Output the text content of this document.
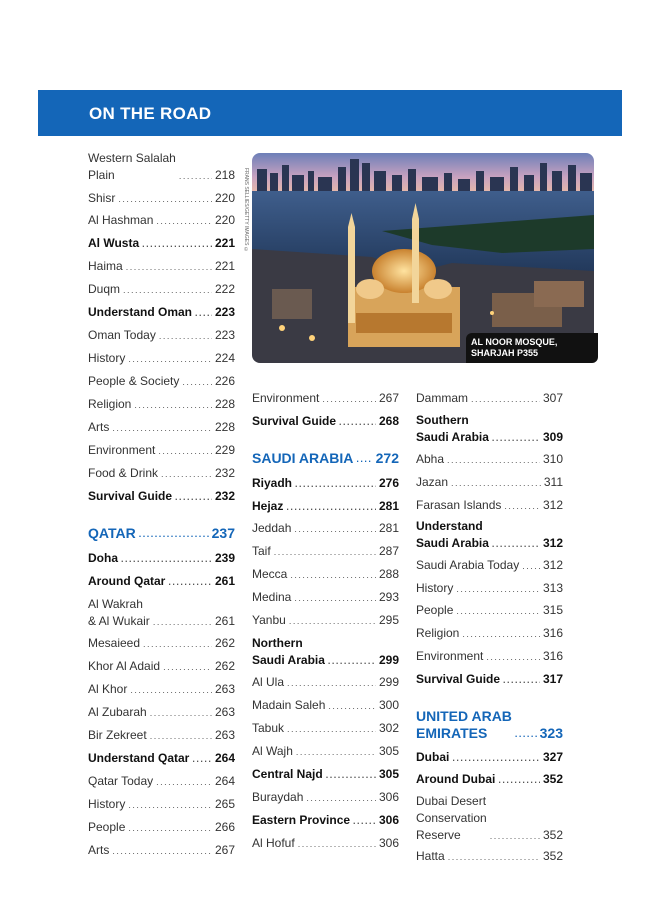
ON THE ROAD
FRANS SELLIES/GETTY IMAGES ©
AL NOOR MOSQUE,
SHARJAH P355
Western Salalah
Plain .....	218
Shisr .....	220
Al Hashman .....	220
Al Wusta .....	221
Haima .....	221
Duqm .....	222
Understand Oman ..... 223
Oman Today .....	223
History .....	224
People & Society .....	226
Religion .....	228
Arts .....	228
Environment .....	229
Food & Drink .....	232
Survival Guide .....	232
QATAR .....	237
Doha .....	239
Around Qatar .....	261
Al Wakrah
& Al Wukair .....	261
Mesaieed .....	262
Khor Al Adaid .....	262
Al Khor .....	263
Al Zubarah .....	263
Bir Zekreet .....	263
Understand Qatar ..... 264
Qatar Today .....	264
History .....	265
People .....	266
Arts .....	267
Environment .....	267
Survival Guide .....	268
SAUDI ARABIA ..... 272
Riyadh .....	276
Hejaz .....	281
Jeddah .....	281
Taif .....	287
Mecca .....	288
Medina .....	293
Yanbu .....	295
Northern
Saudi Arabia .....	299
Al Ula .....	299
Madain Saleh .....	300
Tabuk .....	302
Al Wajh .....	305
Central Najd .....	305
Buraydah .....	306
Eastern Province ..... 306
Al Hofuf .....	306
Dammam .....	307
Southern
Saudi Arabia .....	309
Abha .....	310
Jazan .....	311
Farasan Islands .....	312
Understand
Saudi Arabia .....	312
Saudi Arabia Today ..... 312
History .....	313
People .....	315
Religion .....	316
Environment .....	316
Survival Guide .....	317
UNITED ARAB
EMIRATES .....	323
Dubai .....	327
Around Dubai .....	352
Dubai Desert
Conservation
Reserve .....	352
Hatta .....	352
